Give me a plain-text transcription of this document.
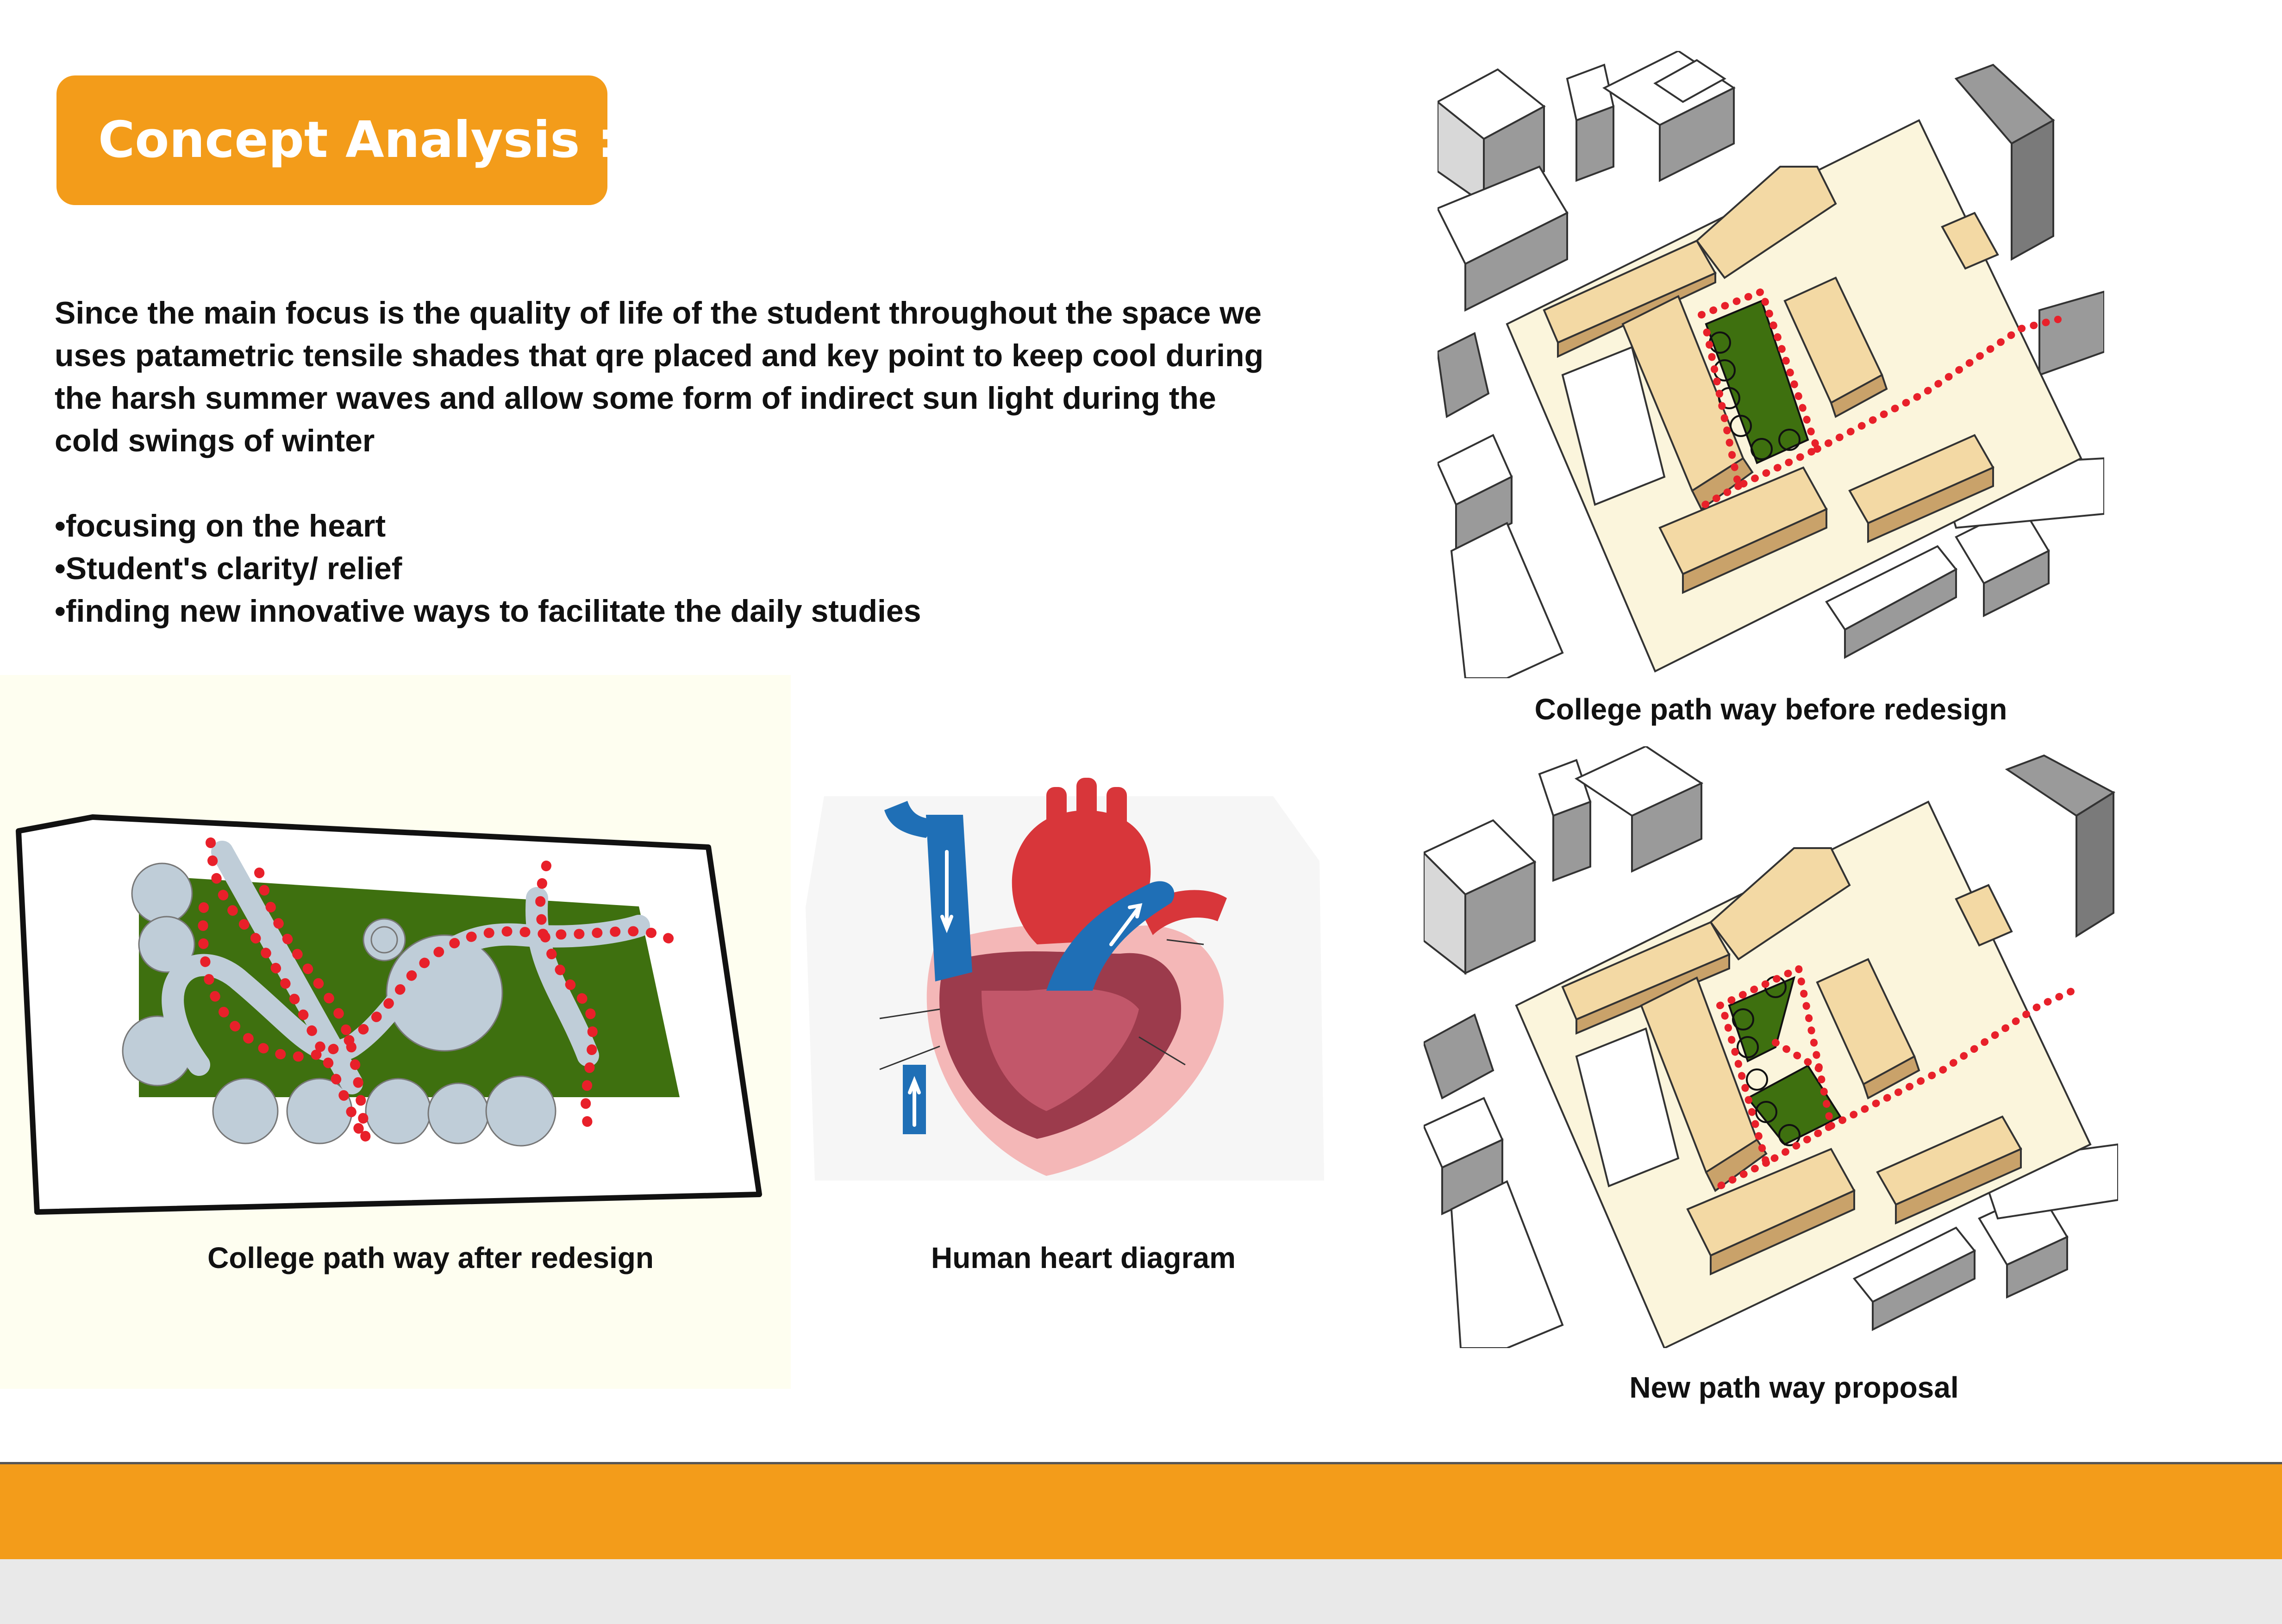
Concept Analysis :
Since the main focus is the quality of life of the student throughout the space we uses patametric tensile shades that qre placed and key point to keep cool during the harsh summer waves and allow some form of indirect sun light during the cold swings of winter
•focusing on the heart
•Student's clarity/ relief
•finding new innovative ways to facilitate the daily studies
College path way after redesign	Human heart diagram
College path way before redesign
New path way proposal
